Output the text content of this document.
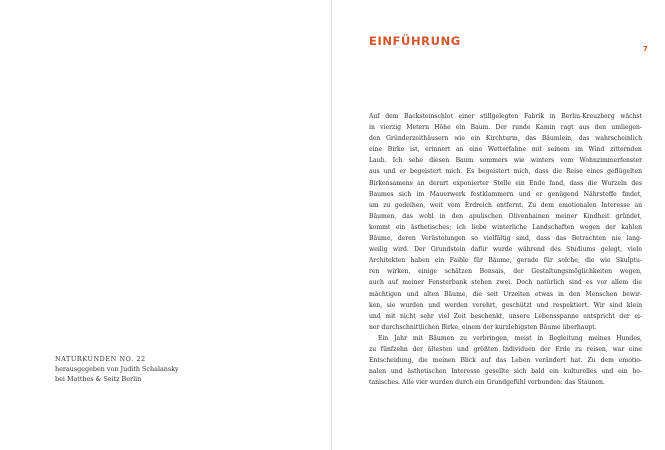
NATURKUNDEN NO. 22
herausgegeben von Judith Schalansky
bei Matthes & Seitz Berlin
EINFÜHRUNG
7
Auf dem Backsteinschlot einer stillgelegten Fabrik in Berlin-Kreuzberg wächst
in vierzig Metern Höhe ein Baum. Der runde Kamin ragt aus den umliegen-
den Gründerzeithäusern wie ein Kirchturm, das Bäumlein, das wahrscheinlich
eine Birke ist, erinnert an eine Wetterfahne mit seinem im Wind zitternden
Laub. Ich sehe diesen Baum sommers wie winters vom Wohnzimmerfenster
aus und er begeistert mich. Es begeistert mich, dass die Reise eines geflügelten
Birkensamens an derart exponierter Stelle ein Ende fand, dass die Wurzeln des
Baumes sich im Mauerwerk festklammern und er genügend Nährstoffe findet,
um zu gedeihen, weit vom Erdreich entfernt. Zu dem emotionalen Interesse an
Bäumen, das wohl in den apulischen Olivenhainen meiner Kindheit gründet,
kommt ein ästhetisches; ich liebe winterliche Landschaften wegen der kahlen
Bäume, deren Verästelungen so vielfältig sind, dass das Betrachten nie lang-
weilig wird. Der Grundstein dafür wurde während des Studiums gelegt, viele
Architekten haben ein Faible für Bäume, gerade für solche, die wie Skulptu-
ren wirken, einige schätzen Bonsais, der Gestaltungsmöglichkeiten wegen,
auch auf meiner Fensterbank stehen zwei. Doch natürlich sind es vor allem die
mächtigen und alten Bäume, die seit Urzeiten etwas in den Menschen bewir-
ken, sie wurden und werden verehrt, geschützt und respektiert. Wir sind klein
und mit nicht sehr viel Zeit beschenkt, unsere Lebensspanne entspricht der ei-
ner durchschnittlichen Birke, einem der kurzlebigsten Bäume überhaupt.
Ein Jahr mit Bäumen zu verbringen, meist in Begleitung meines Hundes,
zu fünfzehn der ältesten und größten Individuen der Erde zu reisen, war eine
Entscheidung, die meinen Blick auf das Leben verändert hat. Zu dem emotio-
nalen und ästhetischen Interesse gesellte sich bald ein kulturelles und ein bo-
tanisches. Alle vier wurden durch ein Grundgefühl verbunden: das Staunen.
